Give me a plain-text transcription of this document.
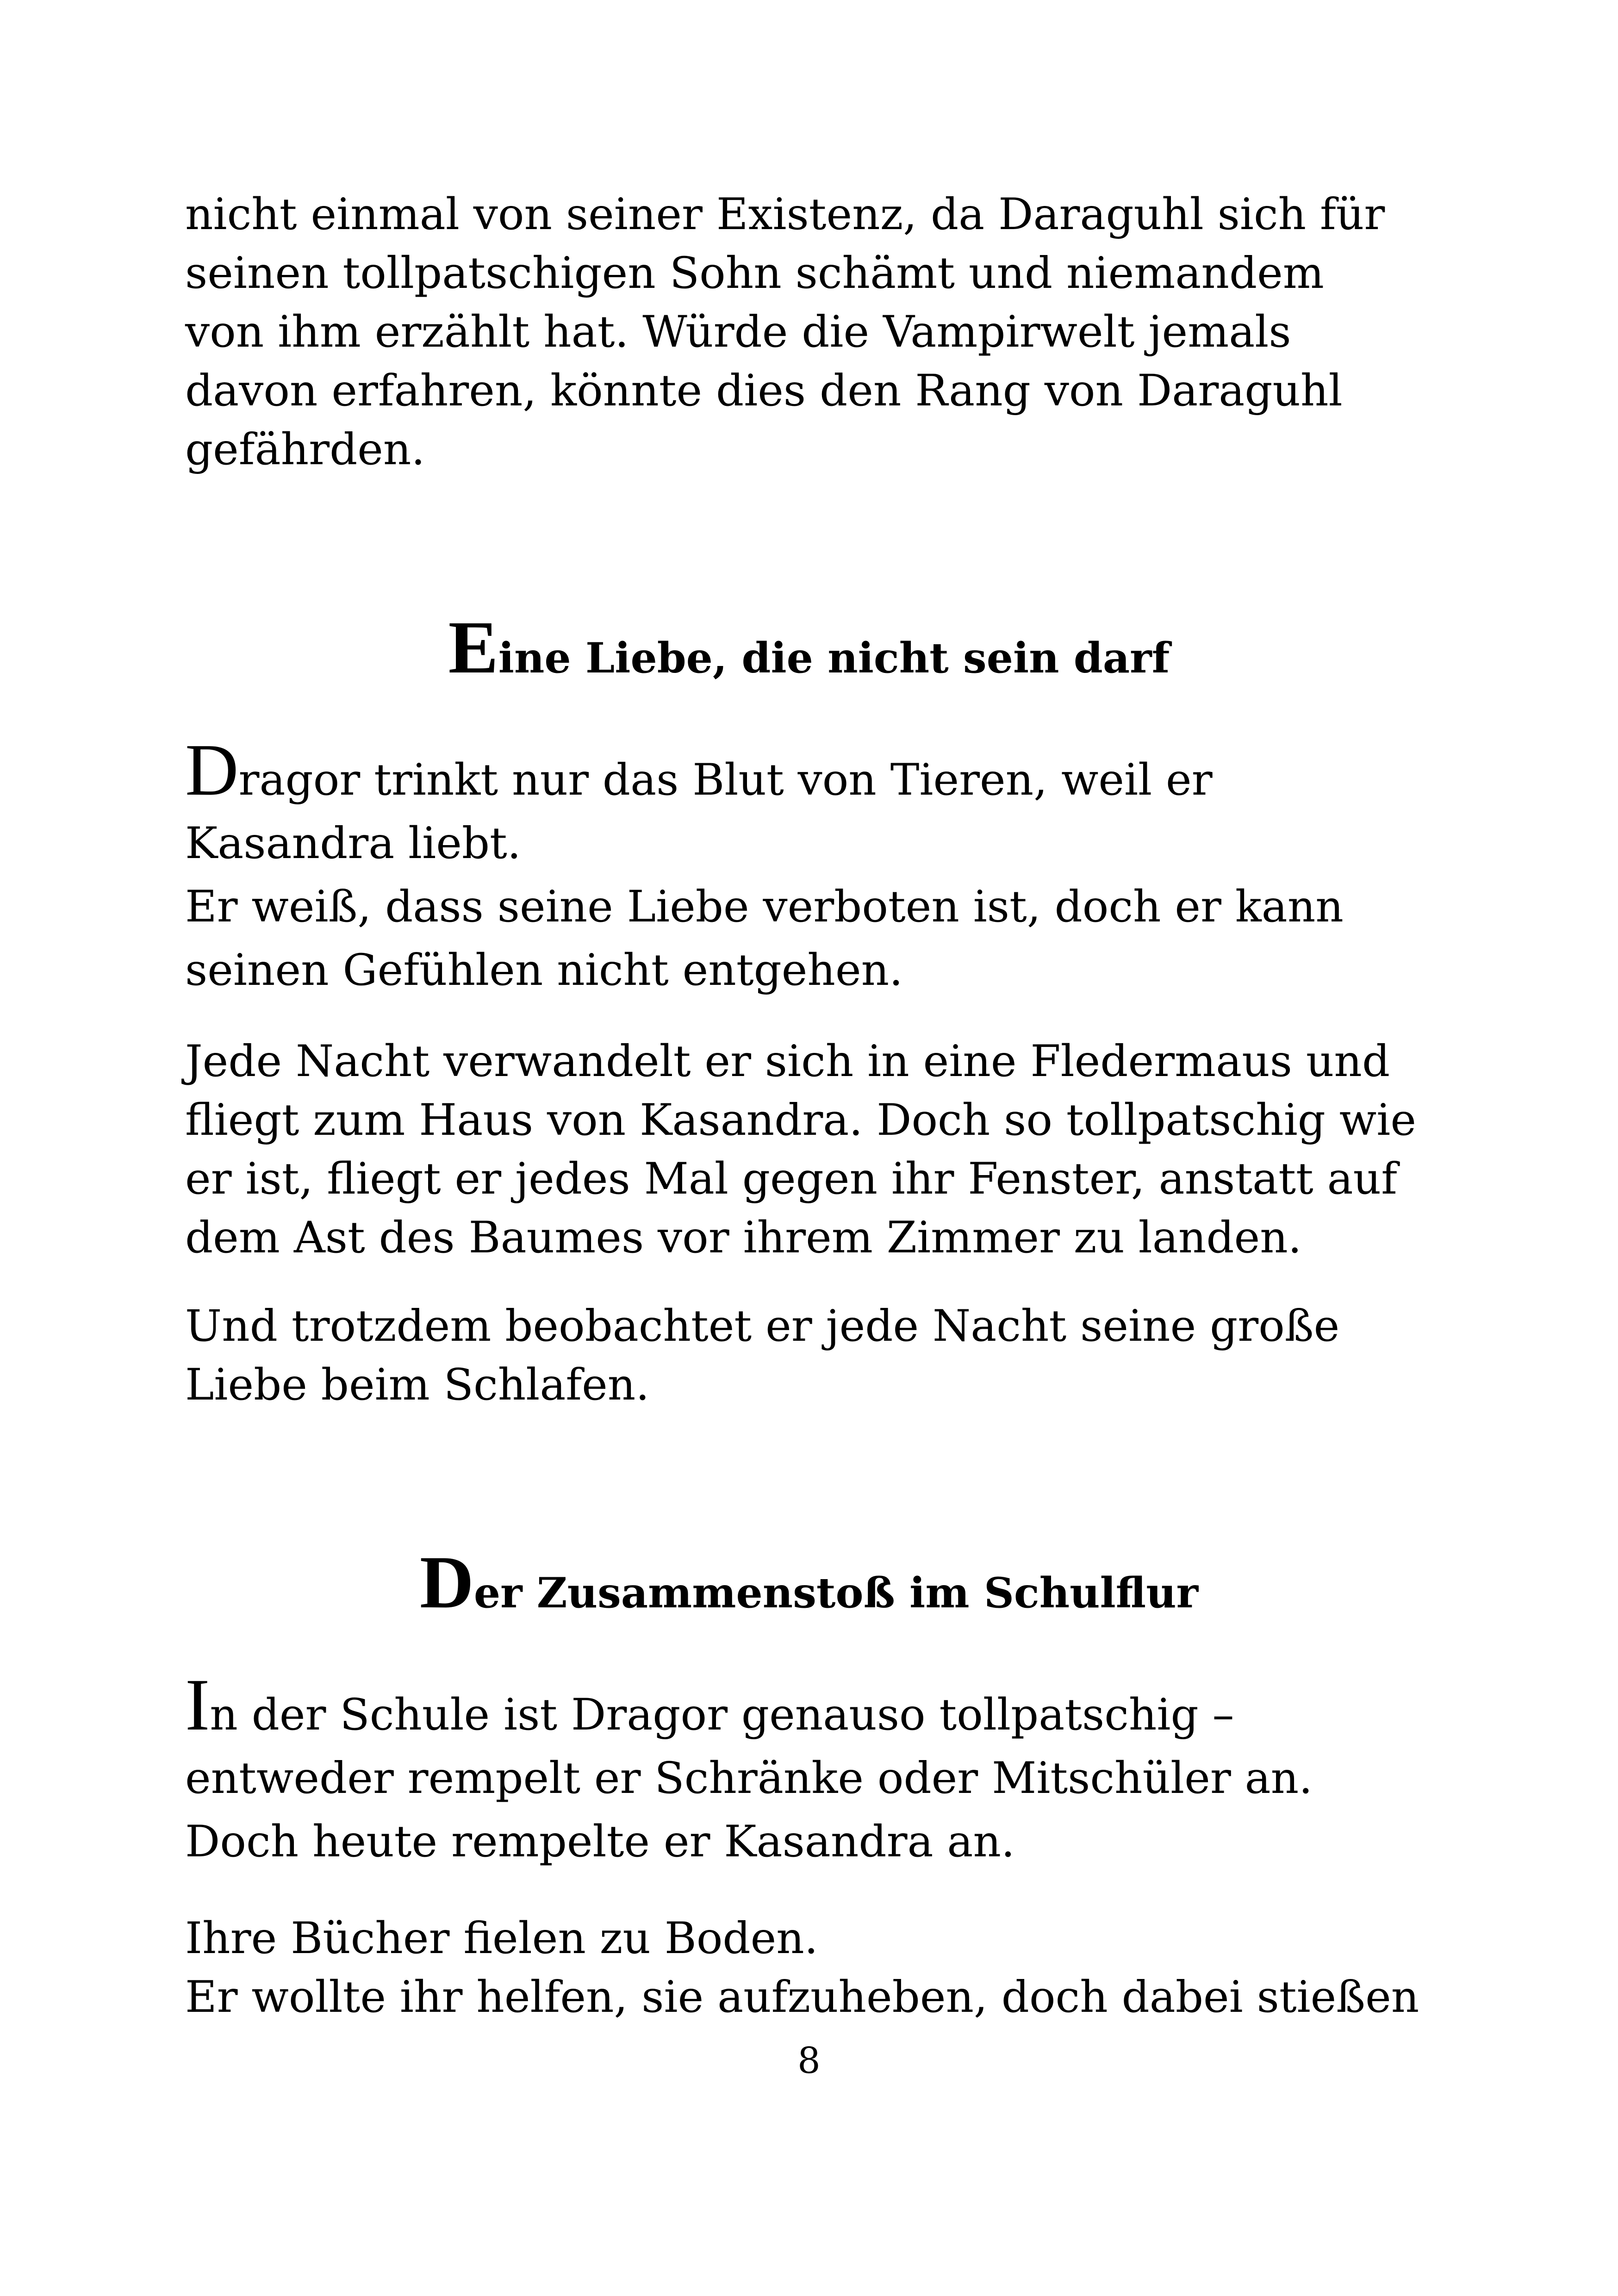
nicht einmal von seiner Existenz, da Daraguhl sich für
seinen tollpatschigen Sohn schämt und niemandem
von ihm erzählt hat. Würde die Vampirwelt jemals
davon erfahren, könnte dies den Rang von Daraguhl
gefährden.

Eine Liebe, die nicht sein darf

Dragor trinkt nur das Blut von Tieren, weil er
Kasandra liebt.
Er weiß, dass seine Liebe verboten ist, doch er kann
seinen Gefühlen nicht entgehen.

Jede Nacht verwandelt er sich in eine Fledermaus und
fliegt zum Haus von Kasandra. Doch so tollpatschig wie
er ist, fliegt er jedes Mal gegen ihr Fenster, anstatt auf
dem Ast des Baumes vor ihrem Zimmer zu landen.

Und trotzdem beobachtet er jede Nacht seine große
Liebe beim Schlafen.

Der Zusammenstoß im Schulflur

In der Schule ist Dragor genauso tollpatschig –
entweder rempelt er Schränke oder Mitschüler an.
Doch heute rempelte er Kasandra an.

Ihre Bücher fielen zu Boden.
Er wollte ihr helfen, sie aufzuheben, doch dabei stießen

8
